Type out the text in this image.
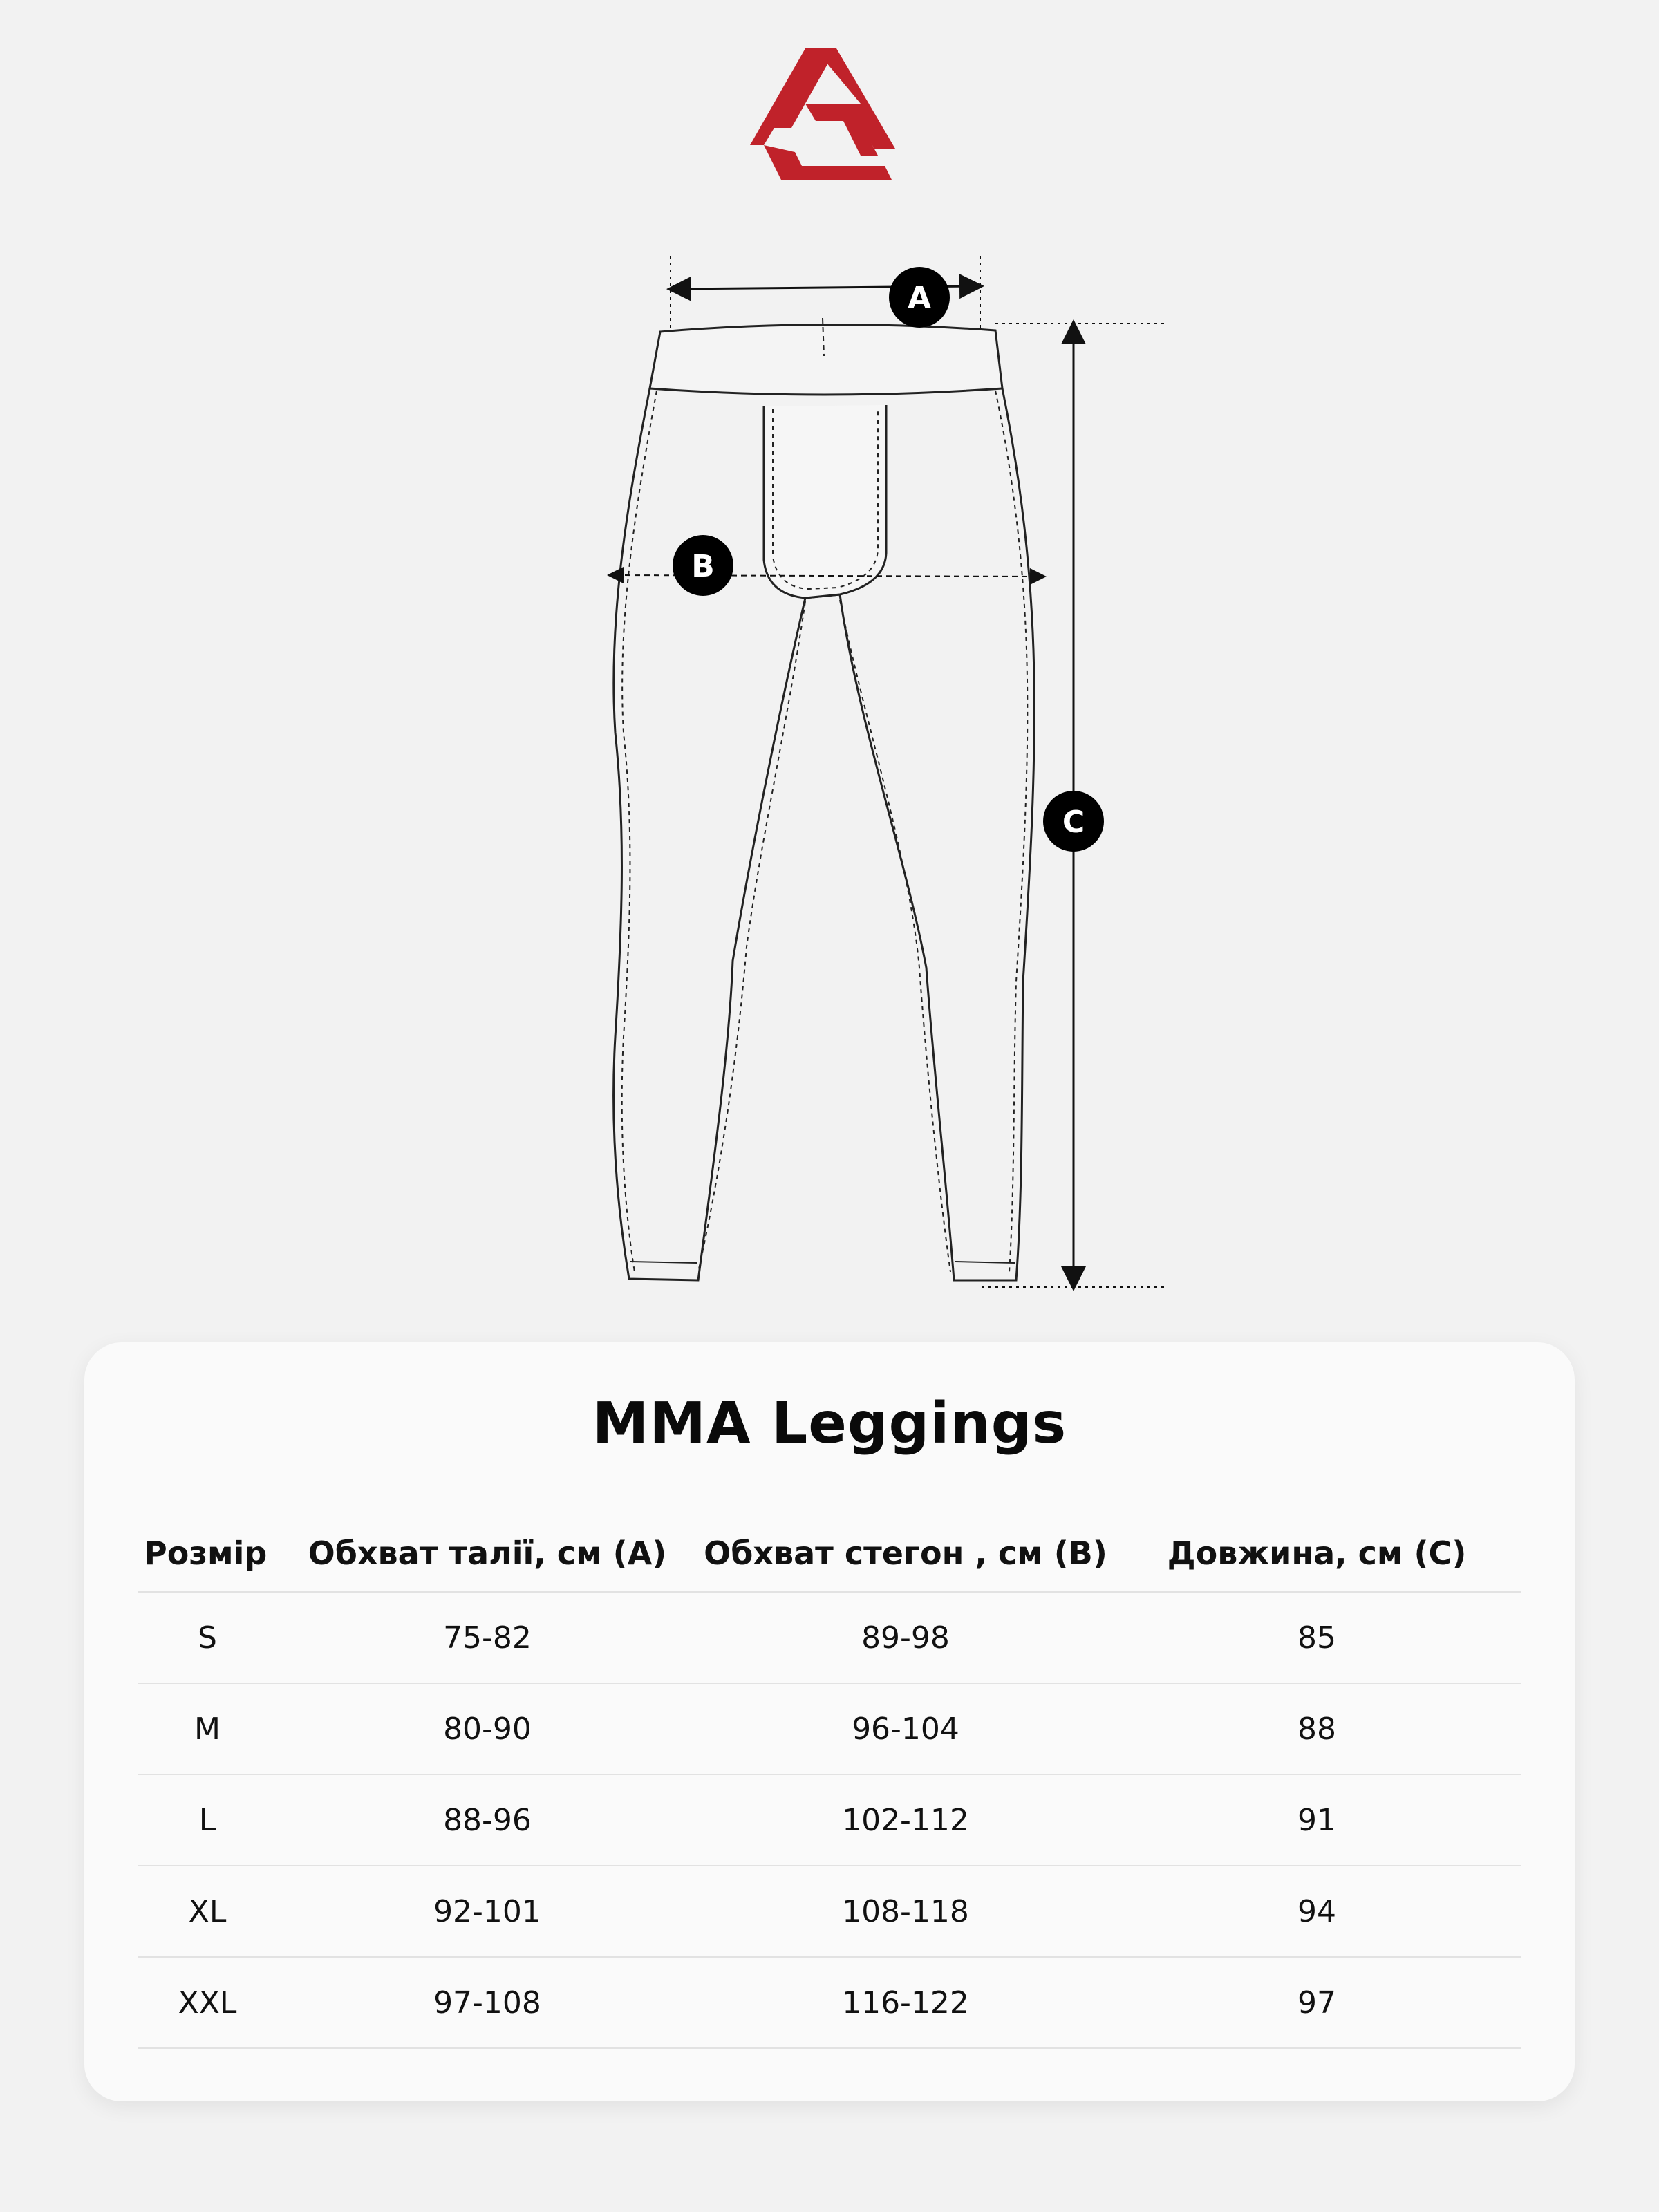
A
B
C
MMA Leggings
Розмір	Обхват талії, см (A)	Обхват стегон , см (B)	Довжина, см (С)
S	75-82	89-98	85
M	80-90	96-104	88
L	88-96	102-112	91
XL	92-101	108-118	94
XXL	97-108	116-122	97
